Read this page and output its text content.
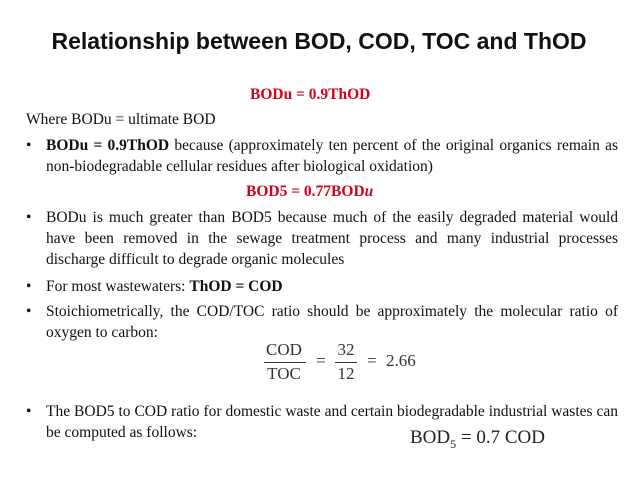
Relationship between BOD, COD, TOC and ThOD
BODu = 0.9ThOD
Where BODu = ultimate BOD
• BODu = 0.9ThOD because (approximately ten percent of the original organics remain as non-biodegradable cellular residues after biological oxidation)
BOD5 = 0.77BODu
• BODu is much greater than BOD5 because much of the easily degraded material would have been removed in the sewage treatment process and many industrial processes discharge difficult to degrade organic molecules
• For most wastewaters: ThOD = COD
• Stoichiometrically, the COD/TOC ratio should be approximately the molecular ratio of oxygen to carbon:
COD
TOC
=
32
12
= 2.66
• The BOD5 to COD ratio for domestic waste and certain biodegradable industrial wastes can be computed as follows:	$BOD_5 = 0.7$ COD
